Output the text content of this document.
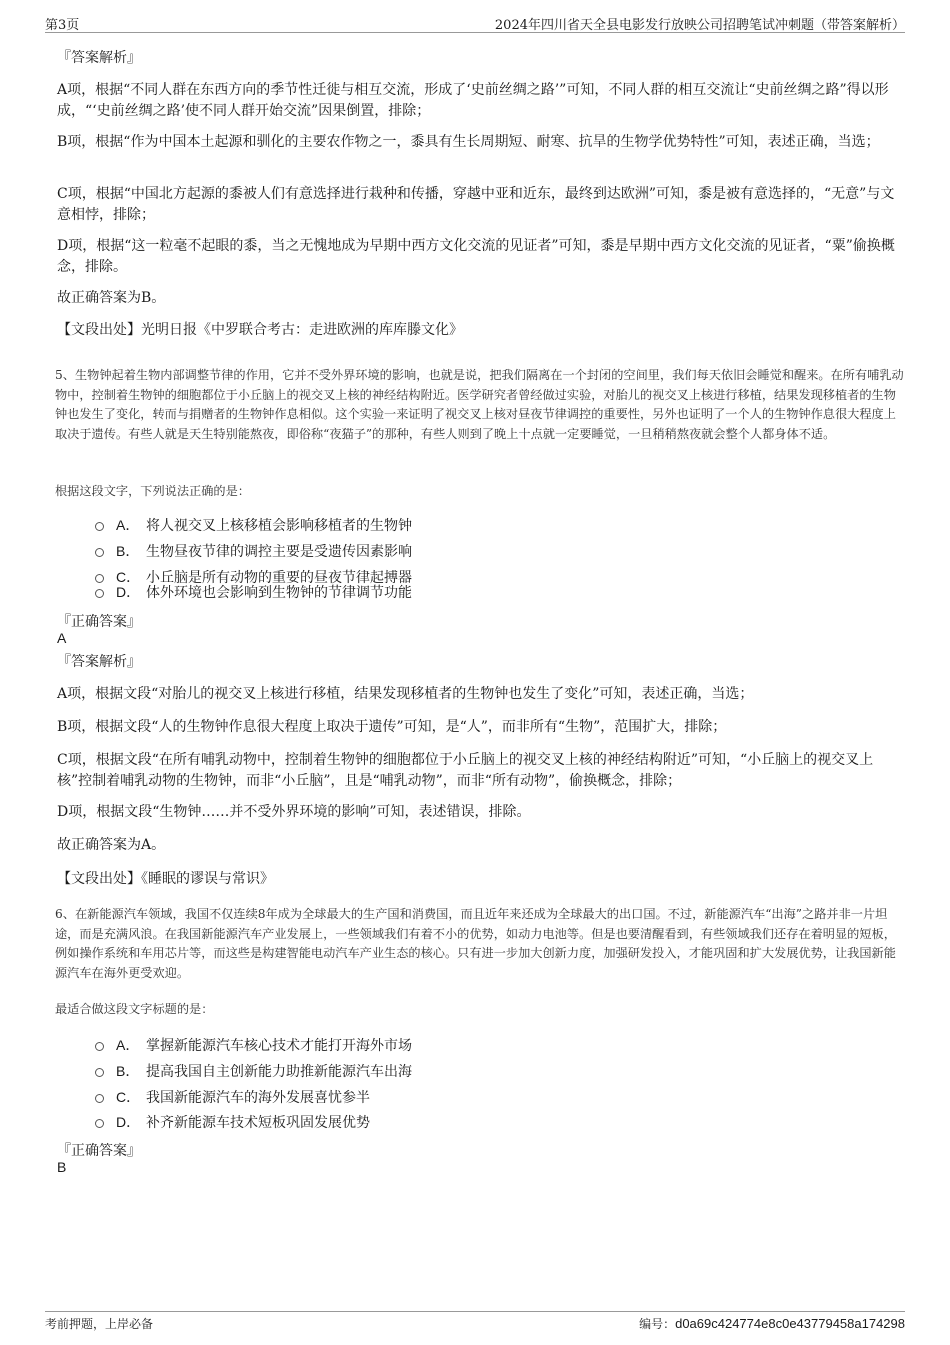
第3页	2024年四川省天全县电影发行放映公司招聘笔试冲刺题（带答案解析）

『答案解析』

A项，根据“不同人群在东西方向的季节性迁徙与相互交流，形成了‘史前丝绸之路’”可知，不同人群的相互交流让“史前丝绸之路”得以形成，“‘史前丝绸之路’使不同人群开始交流”因果倒置，排除；

B项，根据“作为中国本土起源和驯化的主要农作物之一，黍具有生长周期短、耐寒、抗旱的生物学优势特性”可知，表述正确，当选；

C项，根据“中国北方起源的黍被人们有意选择进行栽种和传播，穿越中亚和近东，最终到达欧洲”可知，黍是被有意选择的，“无意”与文意相悖，排除；

D项，根据“这一粒毫不起眼的黍，当之无愧地成为早期中西方文化交流的见证者”可知，黍是早期中西方文化交流的见证者，“粟”偷换概念，排除。

故正确答案为B。

【文段出处】光明日报《中罗联合考古：走进欧洲的库库滕文化》

5、生物钟起着生物内部调整节律的作用，它并不受外界环境的影响，也就是说，把我们隔离在一个封闭的空间里，我们每天依旧会睡觉和醒来。在所有哺乳动物中，控制着生物钟的细胞都位于小丘脑上的视交叉上核的神经结构附近。医学研究者曾经做过实验，对胎儿的视交叉上核进行移植，结果发现移植者的生物钟也发生了变化，转而与捐赠者的生物钟作息相似。这个实验一来证明了视交叉上核对昼夜节律调控的重要性，另外也证明了一个人的生物钟作息很大程度上取决于遗传。有些人就是天生特别能熬夜，即俗称“夜猫子”的那种，有些人则到了晚上十点就一定要睡觉，一旦稍稍熬夜就会整个人都身体不适。

根据这段文字，下列说法正确的是：

A． 将人视交叉上核移植会影响移植者的生物钟
B． 生物昼夜节律的调控主要是受遗传因素影响
C． 小丘脑是所有动物的重要的昼夜节律起搏器
D． 体外环境也会影响到生物钟的节律调节功能

『正确答案』

A

『答案解析』

A项，根据文段“对胎儿的视交叉上核进行移植，结果发现移植者的生物钟也发生了变化”可知，表述正确，当选；

B项，根据文段“人的生物钟作息很大程度上取决于遗传”可知，是“人”，而非所有“生物”，范围扩大，排除；

C项，根据文段“在所有哺乳动物中，控制着生物钟的细胞都位于小丘脑上的视交叉上核的神经结构附近”可知，“小丘脑上的视交叉上核”控制着哺乳动物的生物钟，而非“小丘脑”，且是“哺乳动物”，而非“所有动物”，偷换概念，排除；

D项，根据文段“生物钟……并不受外界环境的影响”可知，表述错误，排除。

故正确答案为A。

【文段出处】《睡眠的谬误与常识》

6、在新能源汽车领域，我国不仅连续8年成为全球最大的生产国和消费国，而且近年来还成为全球最大的出口国。不过，新能源汽车“出海”之路并非一片坦途，而是充满风浪。在我国新能源汽车产业发展上，一些领域我们有着不小的优势，如动力电池等。但是也要清醒看到，有些领域我们还存在着明显的短板，例如操作系统和车用芯片等，而这些是构建智能电动汽车产业生态的核心。只有进一步加大创新力度，加强研发投入，才能巩固和扩大发展优势，让我国新能源汽车在海外更受欢迎。

最适合做这段文字标题的是：

A． 掌握新能源汽车核心技术才能打开海外市场
B． 提高我国自主创新能力助推新能源汽车出海
C． 我国新能源汽车的海外发展喜忧参半
D． 补齐新能源车技术短板巩固发展优势

『正确答案』

B

考前押题，上岸必备	编号：d0a69c424774e8c0e43779458a174298
